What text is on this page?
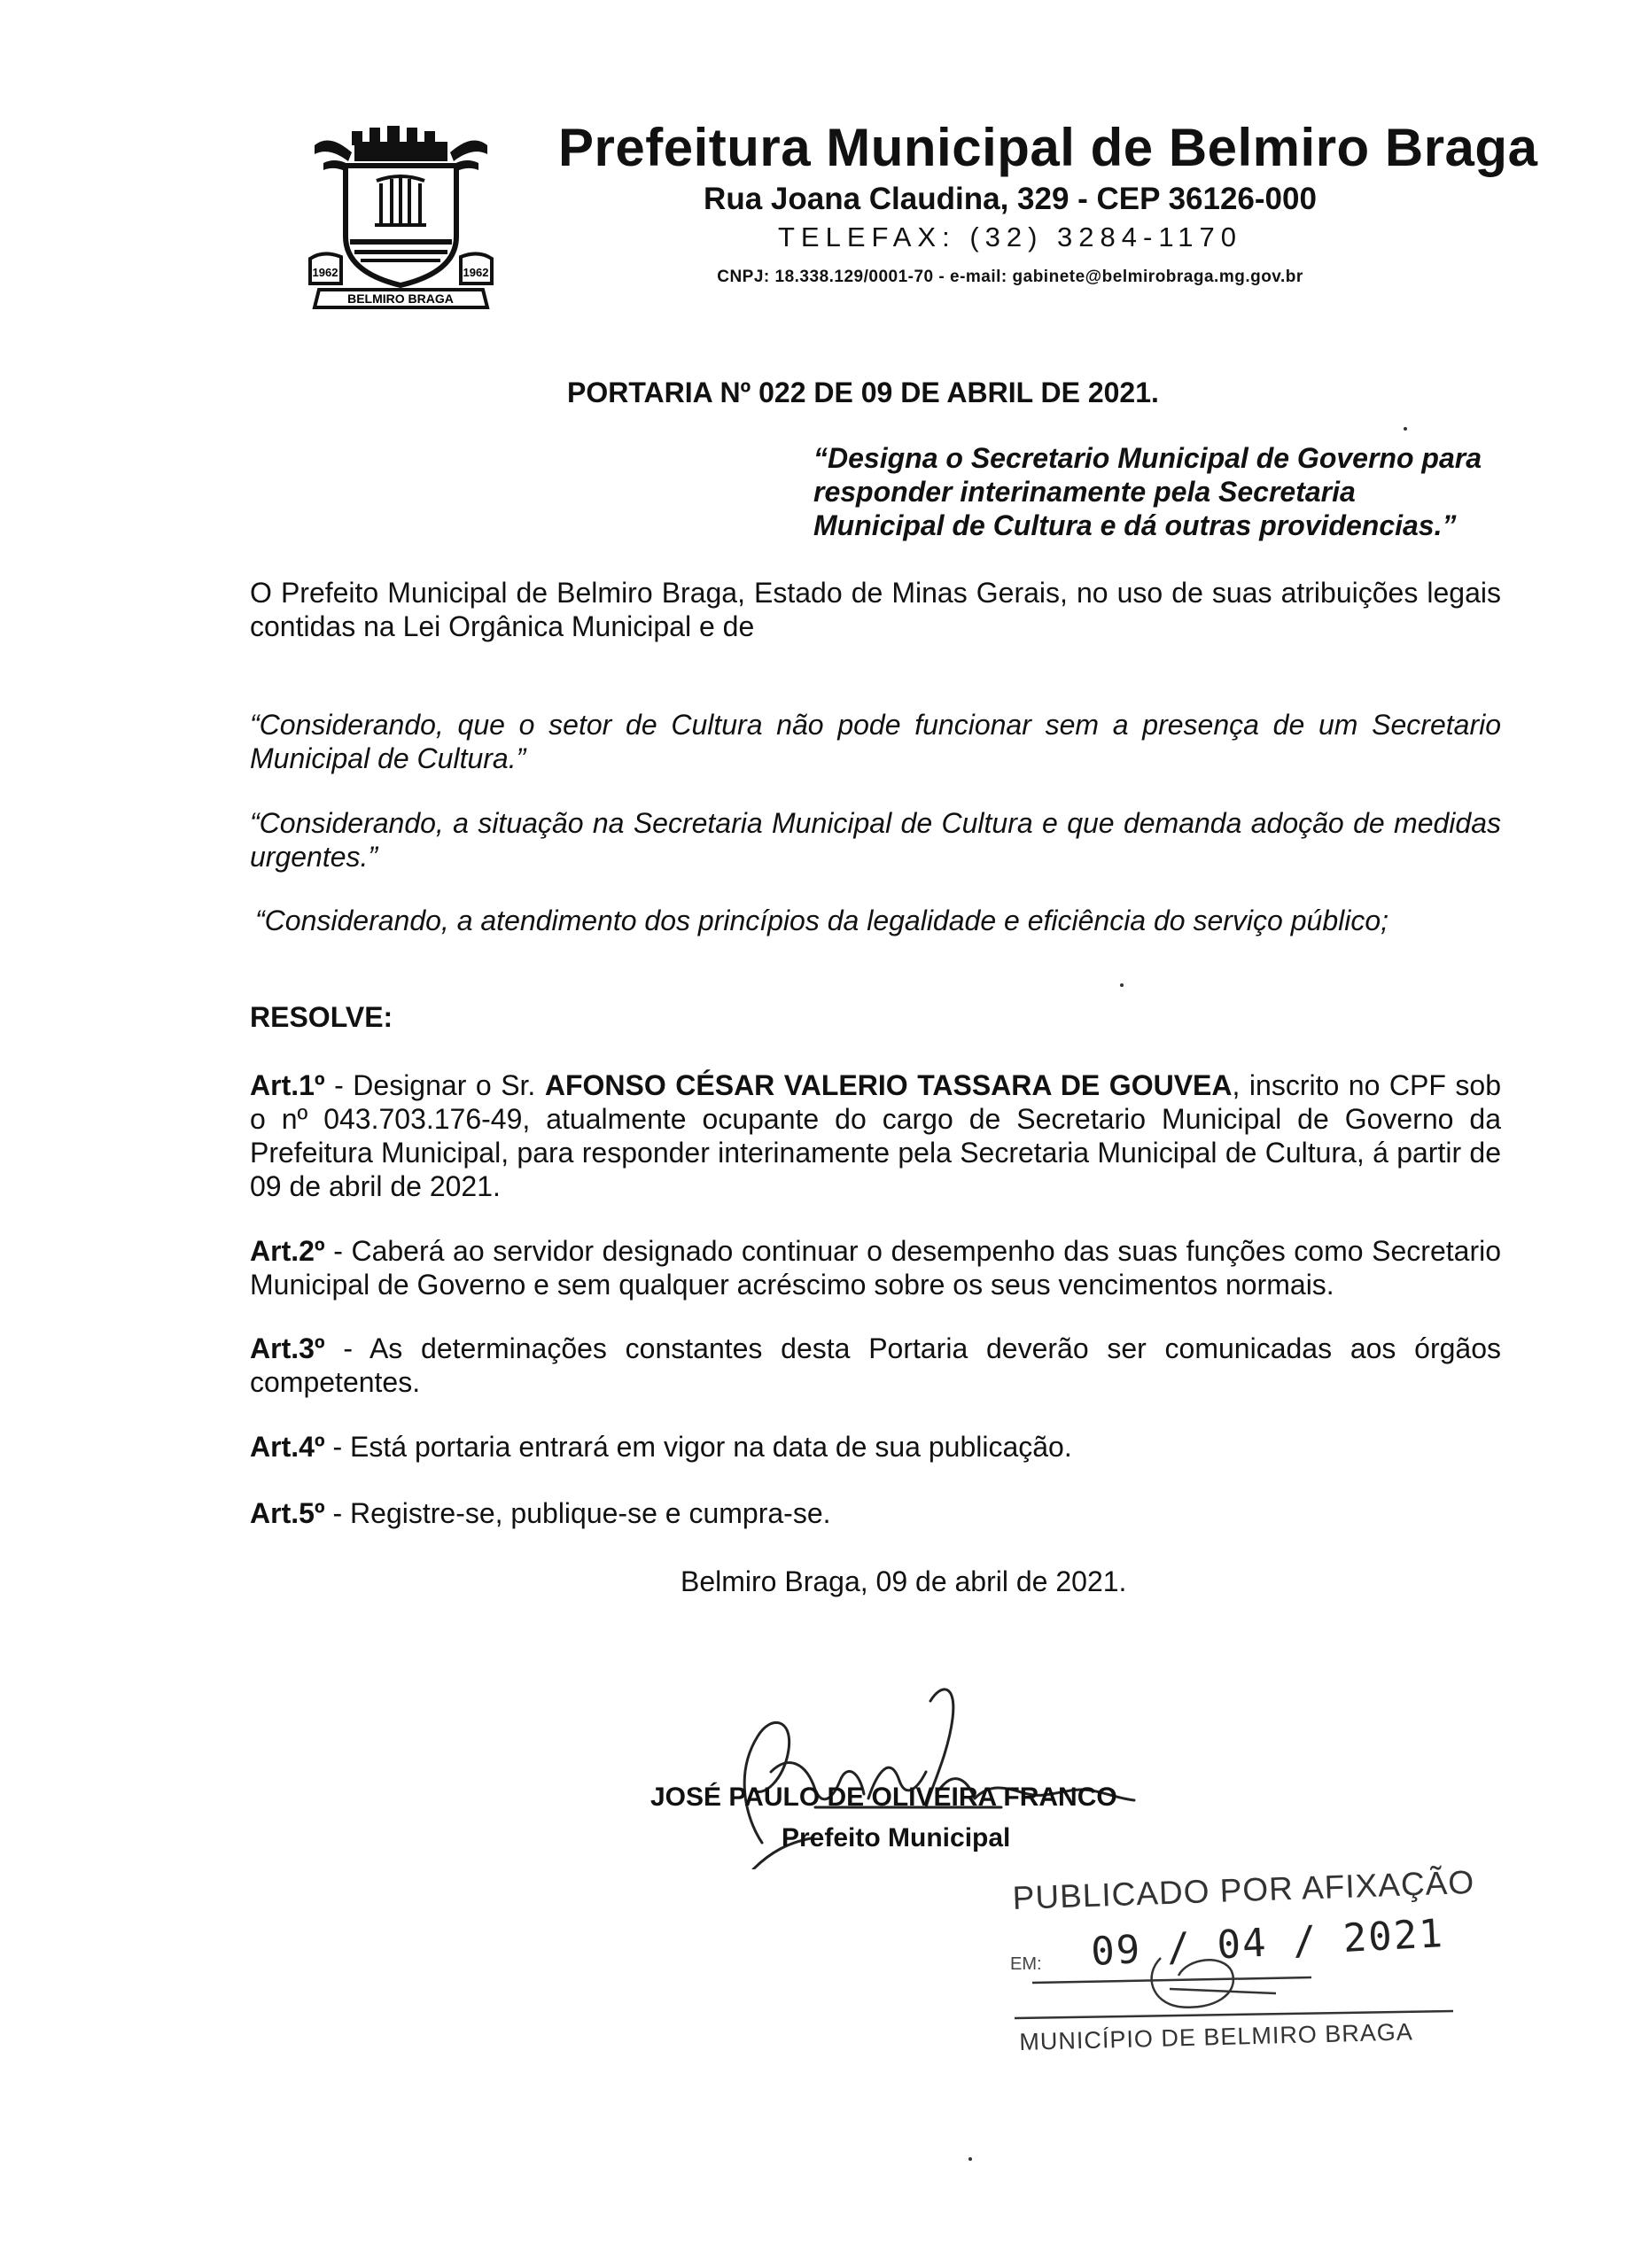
1962	1962
BELMIRO BRAGA
Prefeitura Municipal de Belmiro Braga
Rua Joana Claudina, 329 - CEP 36126-000
TELEFAX: (32) 3284-1170
CNPJ: 18.338.129/0001-70 - e-mail: gabinete@belmirobraga.mg.gov.br
PORTARIA Nº 022 DE 09 DE ABRIL DE 2021.
“Designa o Secretario Municipal de Governo para
responder interinamente pela Secretaria
Municipal de Cultura e dá outras providencias.”
O Prefeito Municipal de Belmiro Braga, Estado de Minas Gerais, no uso de suas atribuições legais contidas na Lei Orgânica Municipal e de
“Considerando, que o setor de Cultura não pode funcionar sem a presença de um Secretario Municipal de Cultura.”
“Considerando, a situação na Secretaria Municipal de Cultura e que demanda adoção de medidas urgentes.”
“Considerando, a atendimento dos princípios da legalidade e eficiência do serviço público;
RESOLVE:
Art.1º - Designar o Sr. AFONSO CÉSAR VALERIO TASSARA DE GOUVEA, inscrito no CPF sob o nº 043.703.176-49, atualmente ocupante do cargo de Secretario Municipal de Governo da Prefeitura Municipal, para responder interinamente pela Secretaria Municipal de Cultura, á partir de 09 de abril de 2021.
Art.2º - Caberá ao servidor designado continuar o desempenho das suas funções como Secretario Municipal de Governo e sem qualquer acréscimo sobre os seus vencimentos normais.
Art.3º - As determinações constantes desta Portaria deverão ser comunicadas aos órgãos competentes.
Art.4º - Está portaria entrará em vigor na data de sua publicação.
Art.5º - Registre-se, publique-se e cumpra-se.
Belmiro Braga, 09 de abril de 2021.
JOSÉ PAULO DE OLIVEIRA FRANCO
Prefeito Municipal
PUBLICADO POR AFIXAÇÃO
EM: 09 / 04 / 2021
MUNICÍPIO DE BELMIRO BRAGA
